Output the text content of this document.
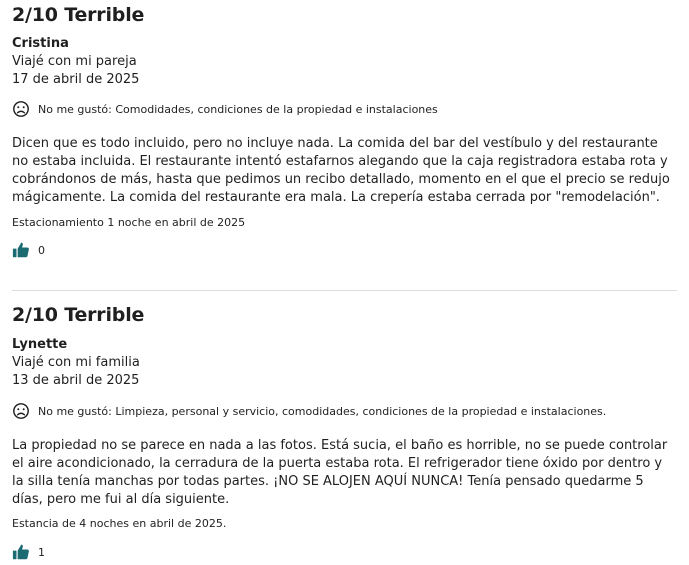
2/10 Terrible
Cristina
Viajé con mi pareja
17 de abril de 2025
No me gustó: Comodidades, condiciones de la propiedad e instalaciones
Dicen que es todo incluido, pero no incluye nada. La comida del bar del vestíbulo y del restaurante no estaba incluida. El restaurante intentó estafarnos alegando que la caja registradora estaba rota y cobrándonos de más, hasta que pedimos un recibo detallado, momento en el que el precio se redujo mágicamente. La comida del restaurante era mala. La crepería estaba cerrada por "remodelación".
Estacionamiento 1 noche en abril de 2025
0
2/10 Terrible
Lynette
Viajé con mi familia
13 de abril de 2025
No me gustó: Limpieza, personal y servicio, comodidades, condiciones de la propiedad e instalaciones.
La propiedad no se parece en nada a las fotos. Está sucia, el baño es horrible, no se puede controlar el aire acondicionado, la cerradura de la puerta estaba rota. El refrigerador tiene óxido por dentro y la silla tenía manchas por todas partes. ¡NO SE ALOJEN AQUÍ NUNCA! Tenía pensado quedarme 5 días, pero me fui al día siguiente.
Estancia de 4 noches en abril de 2025.
1
